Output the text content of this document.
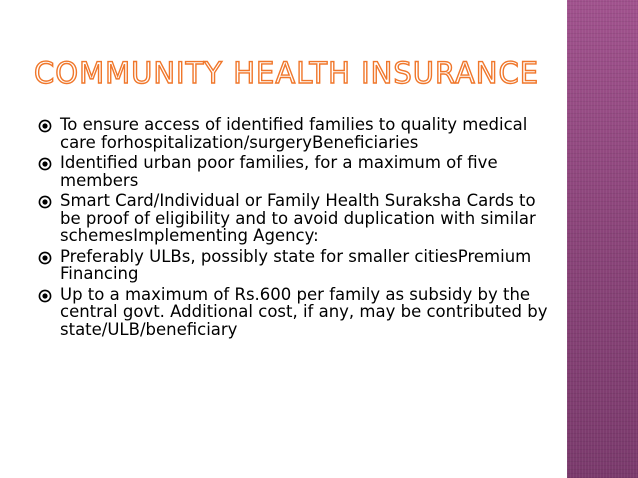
COMMUNITY HEALTH INSURANCE
To ensure access of identified families to quality medical care forhospitalization/surgeryBeneficiaries
Identified urban poor families, for a maximum of five members
Smart Card/Individual or Family Health Suraksha Cards to be proof of eligibility and to avoid duplication with similar schemesImplementing Agency:
Preferably ULBs, possibly state for smaller citiesPremium Financing
Up to a maximum of Rs.600 per family as subsidy by the central govt. Additional cost, if any, may be contributed by state/ULB/beneficiary
